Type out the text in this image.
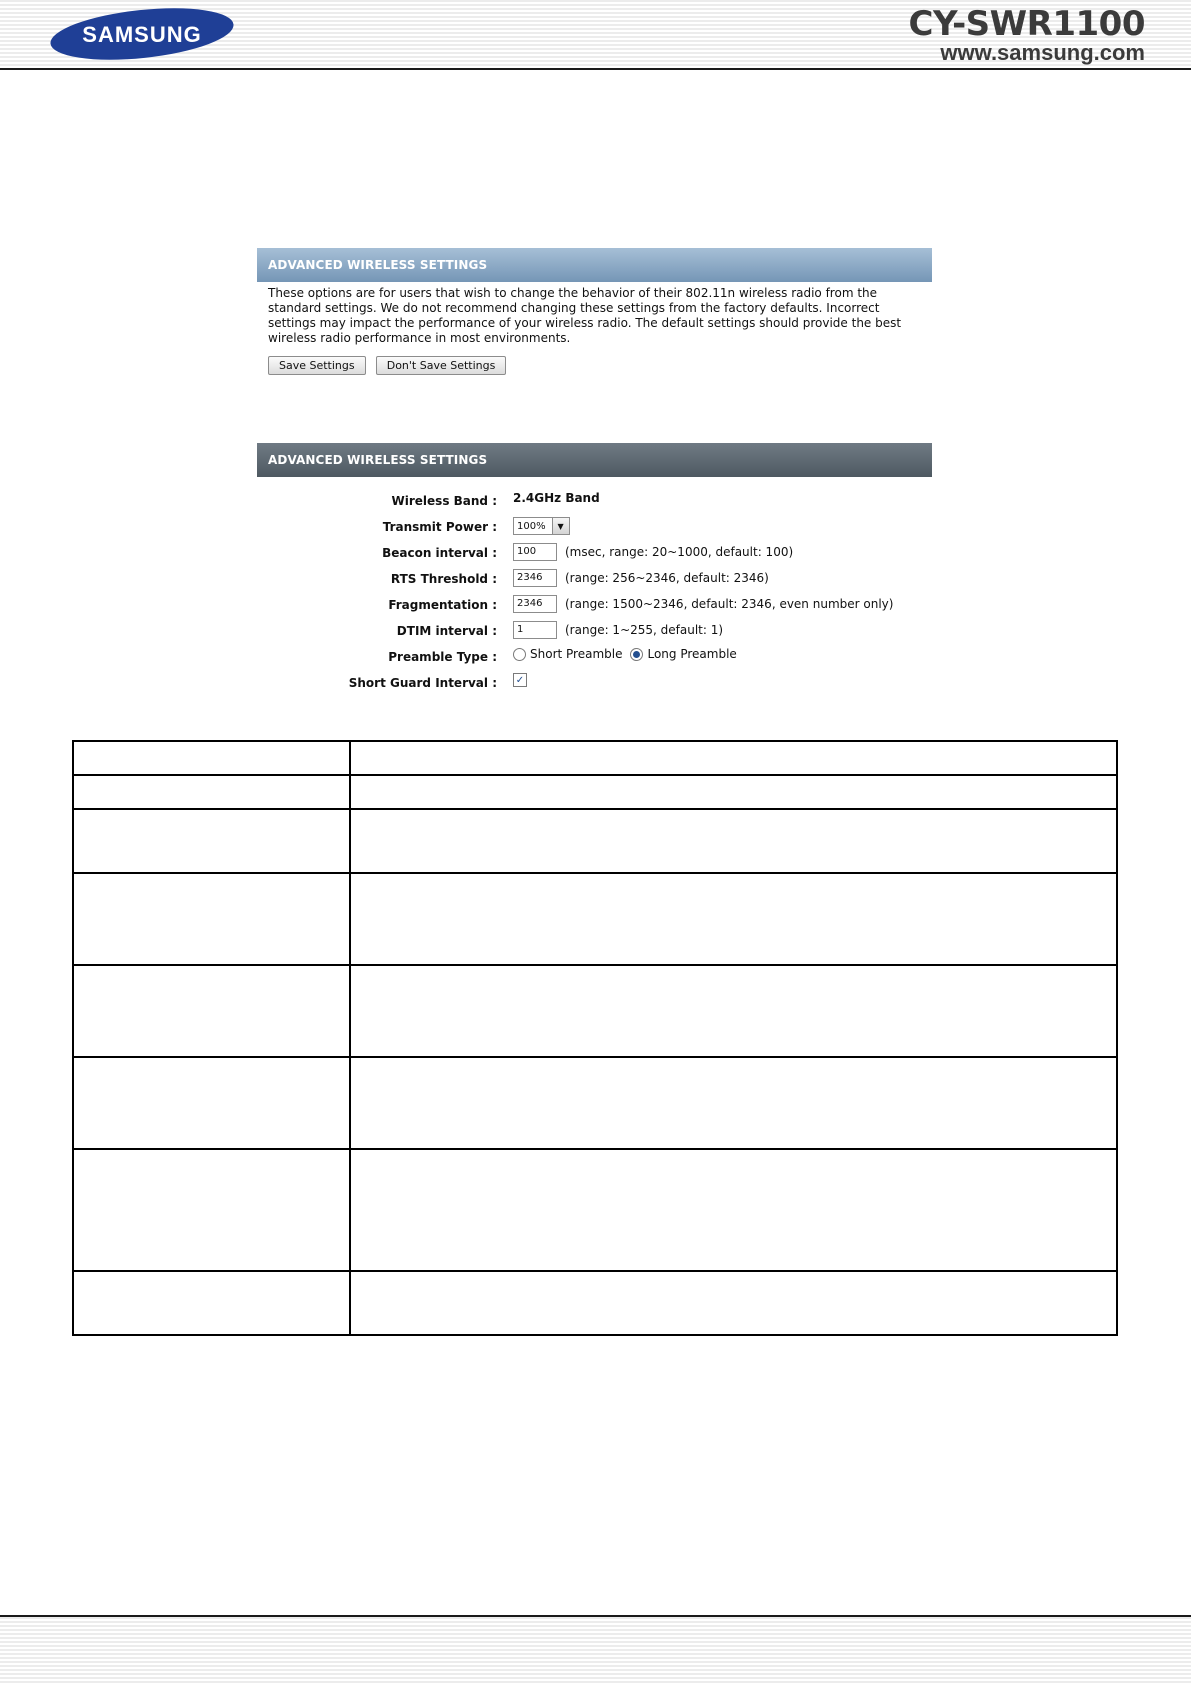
SAMSUNG	CY-SWR1100
www.samsung.com
ADVANCED WIRELESS SETTINGS
These options are for users that wish to change the behavior of their 802.11n wireless radio from the standard settings. We do not recommend changing these settings from the factory defaults. Incorrect settings may impact the performance of your wireless radio. The default settings should provide the best wireless radio performance in most environments.
Save Settings	Don't Save Settings
ADVANCED WIRELESS SETTINGS
Wireless Band : 2.4GHz Band
Transmit Power : 100%	▼
Beacon interval :	100	(msec, range: 20~1000, default: 100)
RTS Threshold :	2346	(range: 256~2346, default: 2346)
Fragmentation :	2346	(range: 1500~2346, default: 2346, even number only)
DTIM interval :	1	(range: 1~255, default: 1)
Preamble Type :	Short Preamble Long Preamble
Short Guard Interval : ✓
